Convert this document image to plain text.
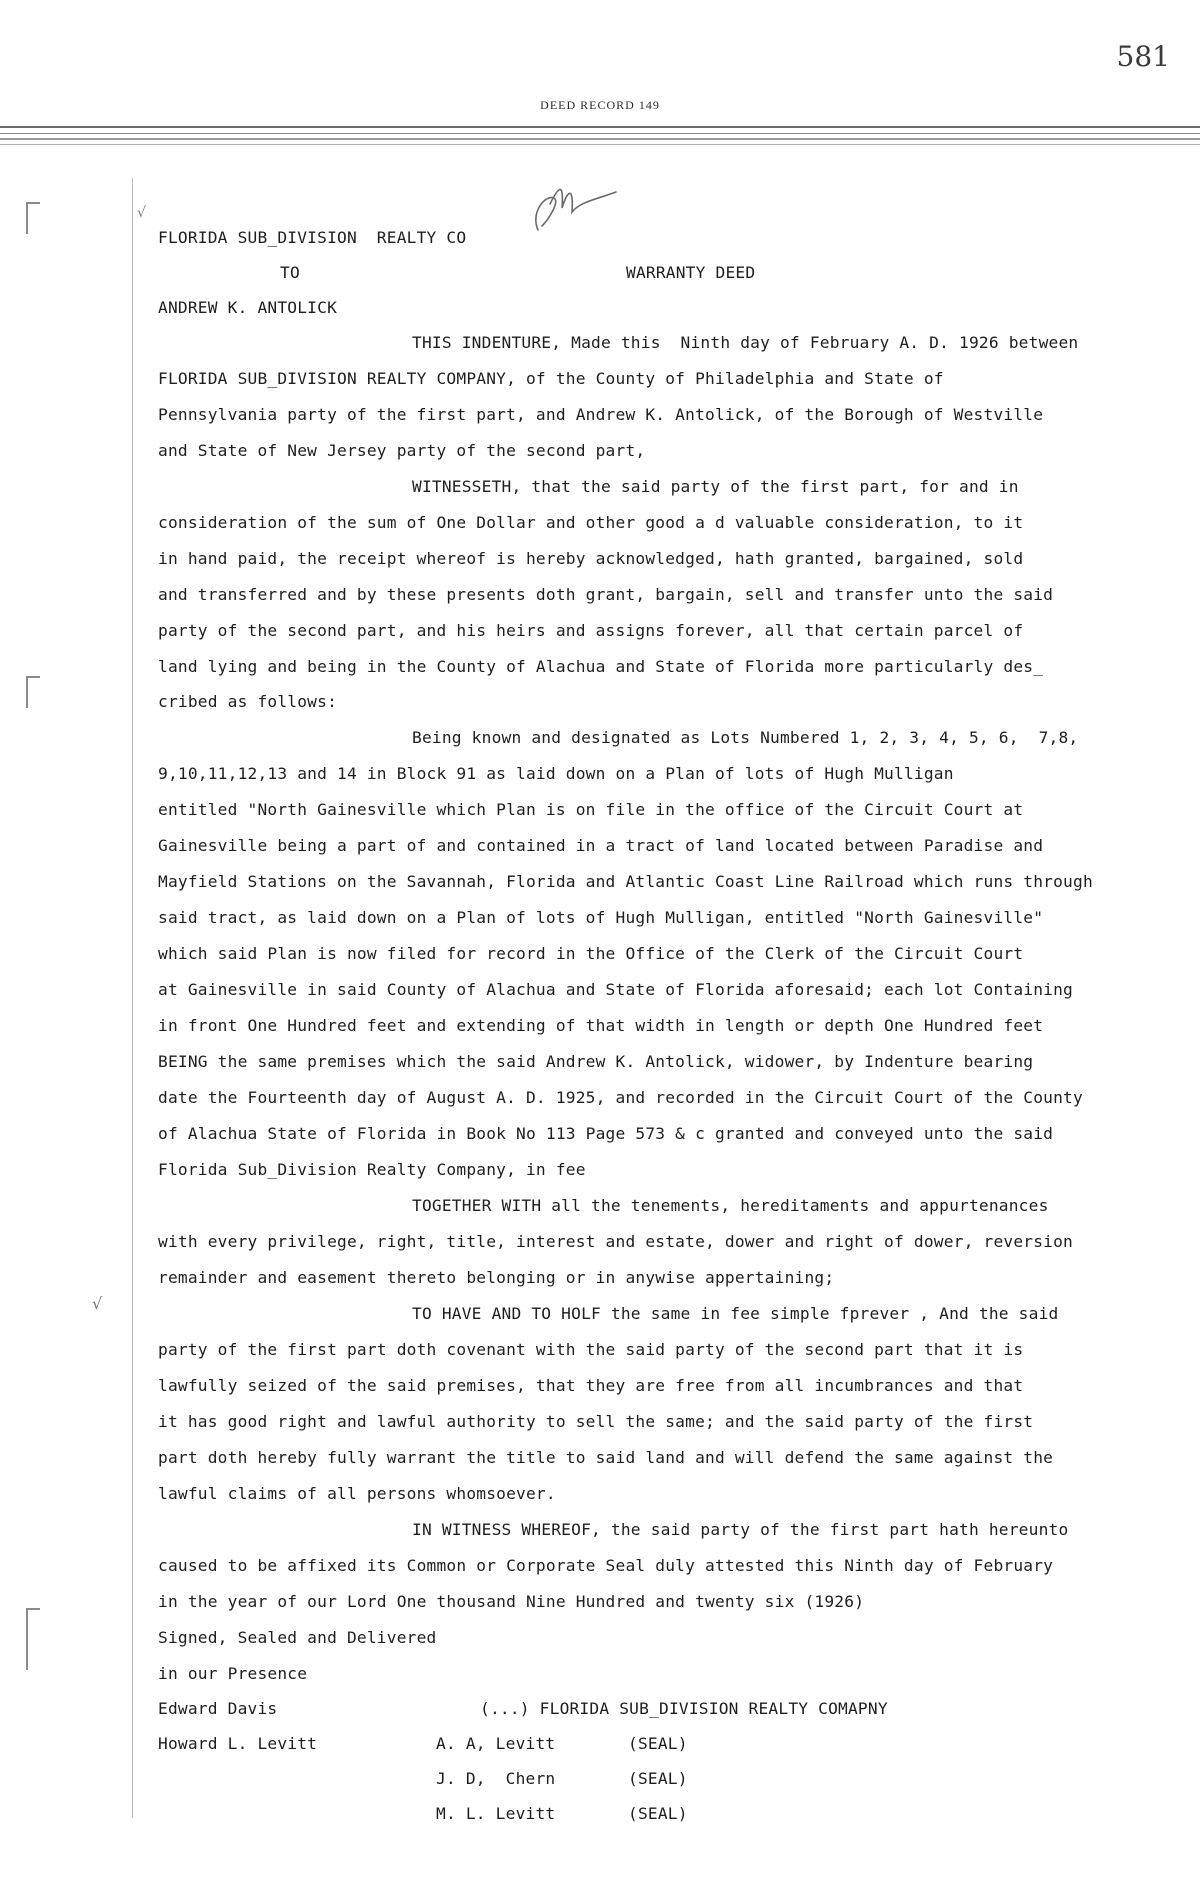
581
DEED RECORD 149
√
√
FLORIDA SUB_DIVISION  REALTY CO
TO	WARRANTY DEED
ANDREW K. ANTOLICK
THIS INDENTURE, Made this  Ninth day of February A. D. 1926 between
FLORIDA SUB_DIVISION REALTY COMPANY, of the County of Philadelphia and State of
Pennsylvania party of the first part, and Andrew K. Antolick, of the Borough of Westville
and State of New Jersey party of the second part,
WITNESSETH, that the said party of the first part, for and in
consideration of the sum of One Dollar and other good a d valuable consideration, to it
in hand paid, the receipt whereof is hereby acknowledged, hath granted, bargained, sold
and transferred and by these presents doth grant, bargain, sell and transfer unto the said
party of the second part, and his heirs and assigns forever, all that certain parcel of
land lying and being in the County of Alachua and State of Florida more particularly des_
cribed as follows:
Being known and designated as Lots Numbered 1, 2, 3, 4, 5, 6,  7,8,
9,10,11,12,13 and 14 in Block 91 as laid down on a Plan of lots of Hugh Mulligan
entitled "North Gainesville which Plan is on file in the office of the Circuit Court at
Gainesville being a part of and contained in a tract of land located between Paradise and
Mayfield Stations on the Savannah, Florida and Atlantic Coast Line Railroad which runs through
said tract, as laid down on a Plan of lots of Hugh Mulligan, entitled "North Gainesville"
which said Plan is now filed for record in the Office of the Clerk of the Circuit Court
at Gainesville in said County of Alachua and State of Florida aforesaid; each lot Containing
in front One Hundred feet and extending of that width in length or depth One Hundred feet
BEING the same premises which the said Andrew K. Antolick, widower, by Indenture bearing
date the Fourteenth day of August A. D. 1925, and recorded in the Circuit Court of the County
of Alachua State of Florida in Book No 113 Page 573 & c granted and conveyed unto the said
Florida Sub_Division Realty Company, in fee
TOGETHER WITH all the tenements, hereditaments and appurtenances
with every privilege, right, title, interest and estate, dower and right of dower, reversion
remainder and easement thereto belonging or in anywise appertaining;
TO HAVE AND TO HOLF the same in fee simple fprever , And the said
party of the first part doth covenant with the said party of the second part that it is
lawfully seized of the said premises, that they are free from all incumbrances and that
it has good right and lawful authority to sell the same; and the said party of the first
part doth hereby fully warrant the title to said land and will defend the same against the
lawful claims of all persons whomsoever.
IN WITNESS WHEREOF, the said party of the first part hath hereunto
caused to be affixed its Common or Corporate Seal duly attested this Ninth day of February
in the year of our Lord One thousand Nine Hundred and twenty six (1926)
Signed, Sealed and Delivered
in our Presence
Edward Davis	(...) FLORIDA SUB_DIVISION REALTY COMAPNY
Howard L. Levitt	A. A, Levitt	(SEAL)
J. D,  Chern	(SEAL)
M. L. Levitt	(SEAL)
